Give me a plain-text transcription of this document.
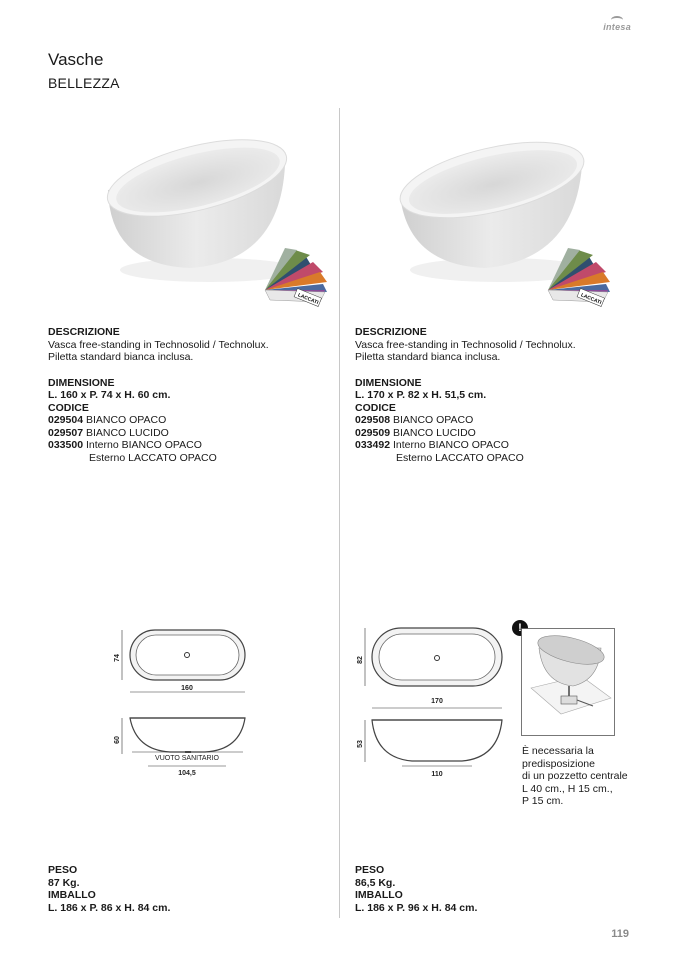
intesa
Vasche
BELLEZZA
LACCATI	LACCATI
DESCRIZIONE
Vasca free-standing in Technosolid / Technolux.
Piletta standard bianca inclusa.
DIMENSIONE
L. 160 x P. 74 x H. 60 cm.
CODICE
029504 BIANCO OPACO
029507 BIANCO LUCIDO
033500 Interno BIANCO OPACO
Esterno LACCATO OPACO
DESCRIZIONE
Vasca free-standing in Technosolid / Technolux.
Piletta standard bianca inclusa.
DIMENSIONE
L. 170 x P. 82 x H. 51,5 cm.
CODICE
029508 BIANCO OPACO
029509 BIANCO LUCIDO
033492 Interno BIANCO OPACO
Esterno LACCATO OPACO
74
160
60
VUOTO SANITARIO
104,5
82
170
53
110
!
È necessaria la
predisposizione
di un pozzetto centrale
L 40 cm., H 15 cm.,
P 15 cm.
PESO
87 Kg.
IMBALLO
L. 186 x P. 86 x H. 84 cm.
PESO
86,5 Kg.
IMBALLO
L. 186 x P. 96 x H. 84 cm.
119
